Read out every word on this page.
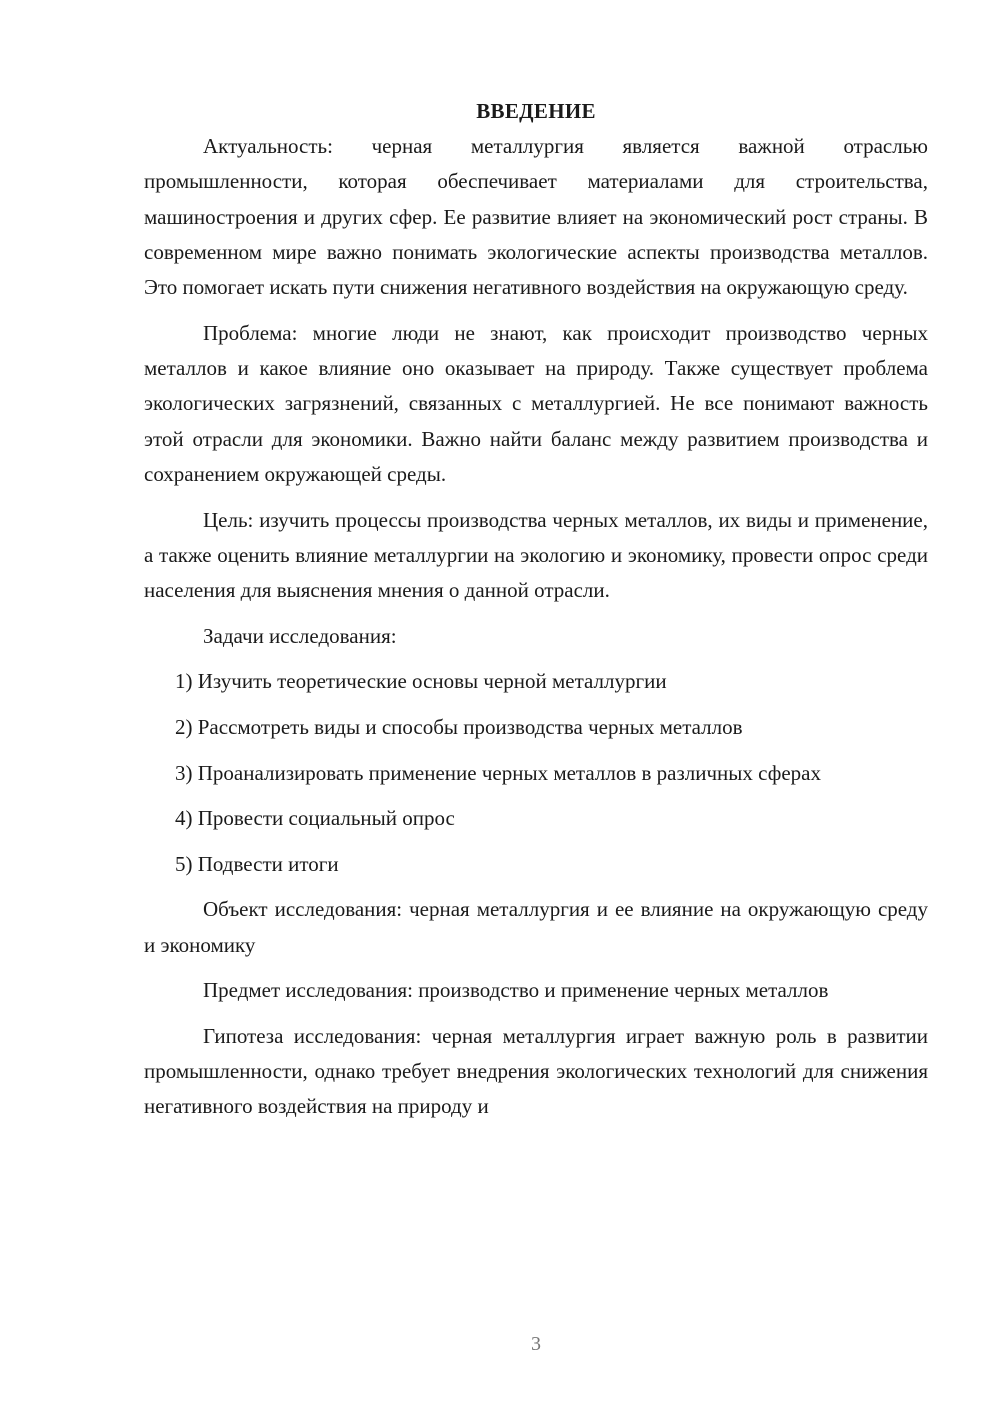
ВВЕДЕНИЕ

Актуальность: черная металлургия является важной отраслью промышленности, которая обеспечивает материалами для строительства, машиностроения и других сфер. Ее развитие влияет на экономический рост страны. В современном мире важно понимать экологические аспекты производства металлов. Это помогает искать пути снижения негативного воздействия на окружающую среду.

Проблема: многие люди не знают, как происходит производство черных металлов и какое влияние оно оказывает на природу. Также существует проблема экологических загрязнений, связанных с металлургией. Не все понимают важность этой отрасли для экономики. Важно найти баланс между развитием производства и сохранением окружающей среды.

Цель: изучить процессы производства черных металлов, их виды и применение, а также оценить влияние металлургии на экологию и экономику, провести опрос среди населения для выяснения мнения о данной отрасли.

Задачи исследования:

1) Изучить теоретические основы черной металлургии

2) Рассмотреть виды и способы производства черных металлов

3) Проанализировать применение черных металлов в различных сферах

4) Провести социальный опрос

5) Подвести итоги

Объект исследования: черная металлургия и ее влияние на окружающую среду и экономику

Предмет исследования: производство и применение черных металлов

Гипотеза исследования: черная металлургия играет важную роль в развитии промышленности, однако требует внедрения экологических технологий для снижения негативного воздействия на природу и

3
